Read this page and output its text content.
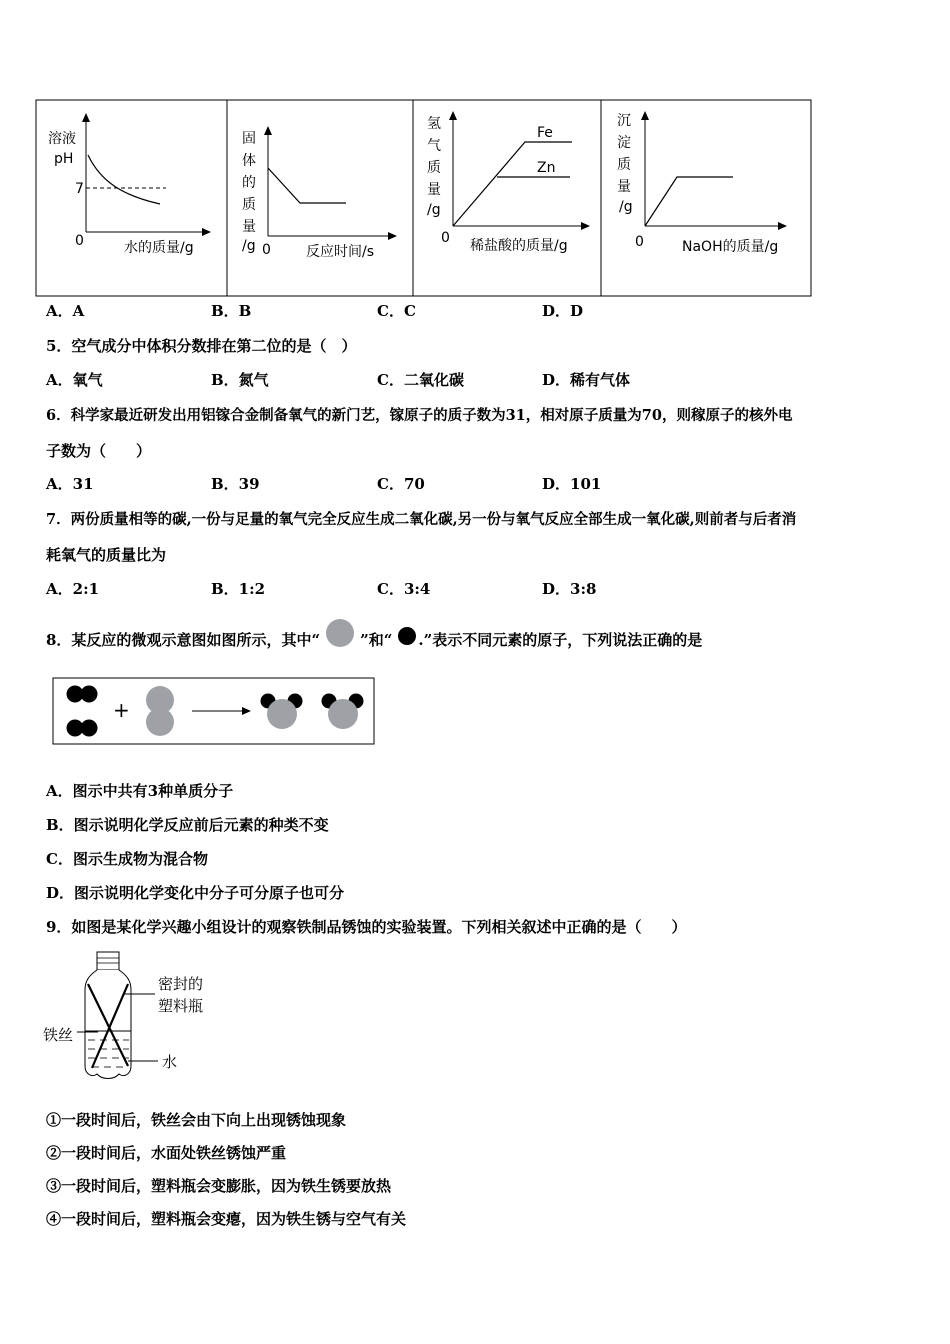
溶液
pH
7
0	水的质量/g
固
体
的
质
量
/g 0	反应时间/s
氢
气
质
量
/g
Fe
Zn
0 稀盐酸的质量/g
沉
淀
质
量
/g
0	NaOH的质量/g
A．A	B．B	C．C	D．D
5．空气成分中体积分数排在第二位的是（　）
A．氧气	B．氮气	C．二氧化碳	D．稀有气体
6．科学家最近研发出用铝镓合金制备氧气的新门艺，镓原子的质子数为31，相对原子质量为70，则稼原子的核外电
子数为（　　）
A．31	B．39	C．70	D．101
7．两份质量相等的碳,一份与足量的氧气完全反应生成二氧化碳,另一份与氧气反应全部生成一氧化碳,则前者与后者消
耗氧气的质量比为
A．2:1	B．1:2	C．3:4	D．3:8
8．某反应的微观示意图如图所示，其中“	”和“ .”表示不同元素的原子，下列说法正确的是
+
A．图示中共有3种单质分子
B．图示说明化学反应前后元素的种类不变
C．图示生成物为混合物
D．图示说明化学变化中分子可分原子也可分
9．如图是某化学兴趣小组设计的观察铁制品锈蚀的实验装置。下列相关叙述中正确的是（　　）
密封的
塑料瓶
铁丝
水
①一段时间后，铁丝会由下向上出现锈蚀现象
②一段时间后，水面处铁丝锈蚀严重
③一段时间后，塑料瓶会变膨胀，因为铁生锈要放热
④一段时间后，塑料瓶会变瘪，因为铁生锈与空气有关
